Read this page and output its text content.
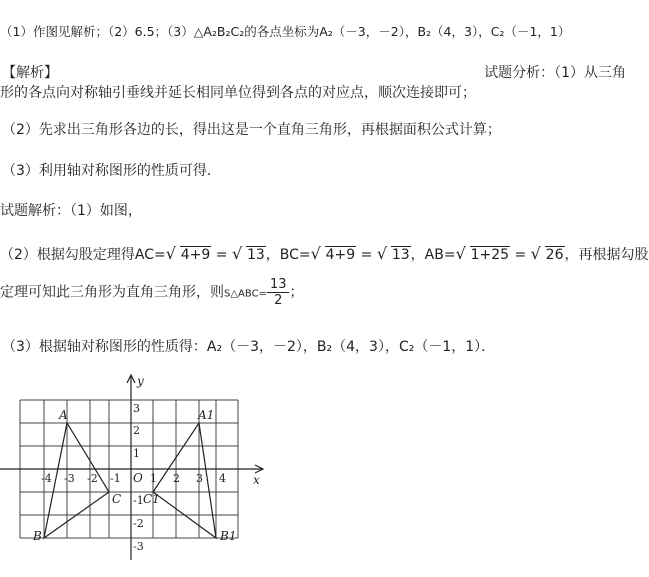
（1）作图见解析；（2）6.5；（3）△A₂B₂C₂的各点坐标为A₂（－3，－2），B₂（4，3），C₂（－1，1）
【解析】	试题分析：（1）从三角
形的各点向对称轴引垂线并延长相同单位得到各点的对应点，顺次连接即可；
（2）先求出三角形各边的长，得出这是一个直角三角形，再根据面积公式计算；
（3）利用轴对称图形的性质可得．
试题解析：（1）如图，
（2）根据勾股定理得AC= √ 4+9 = √ 13，BC= √ 4+9 = √ 13，AB= √ 1+25 = √ 26，再根据勾股
定理可知此三角形为直角三角形，则S△ABC= $\frac{13}{2}$ ；
（3）根据轴对称图形的性质得：A₂（－3，－2），B₂（4，3），C₂（－1，1）．
y
x
O
A
B
C
A1
B1
C1
-4 -3 -2 -1	1 2 3 4
3
2
1
-1
-2
-3
